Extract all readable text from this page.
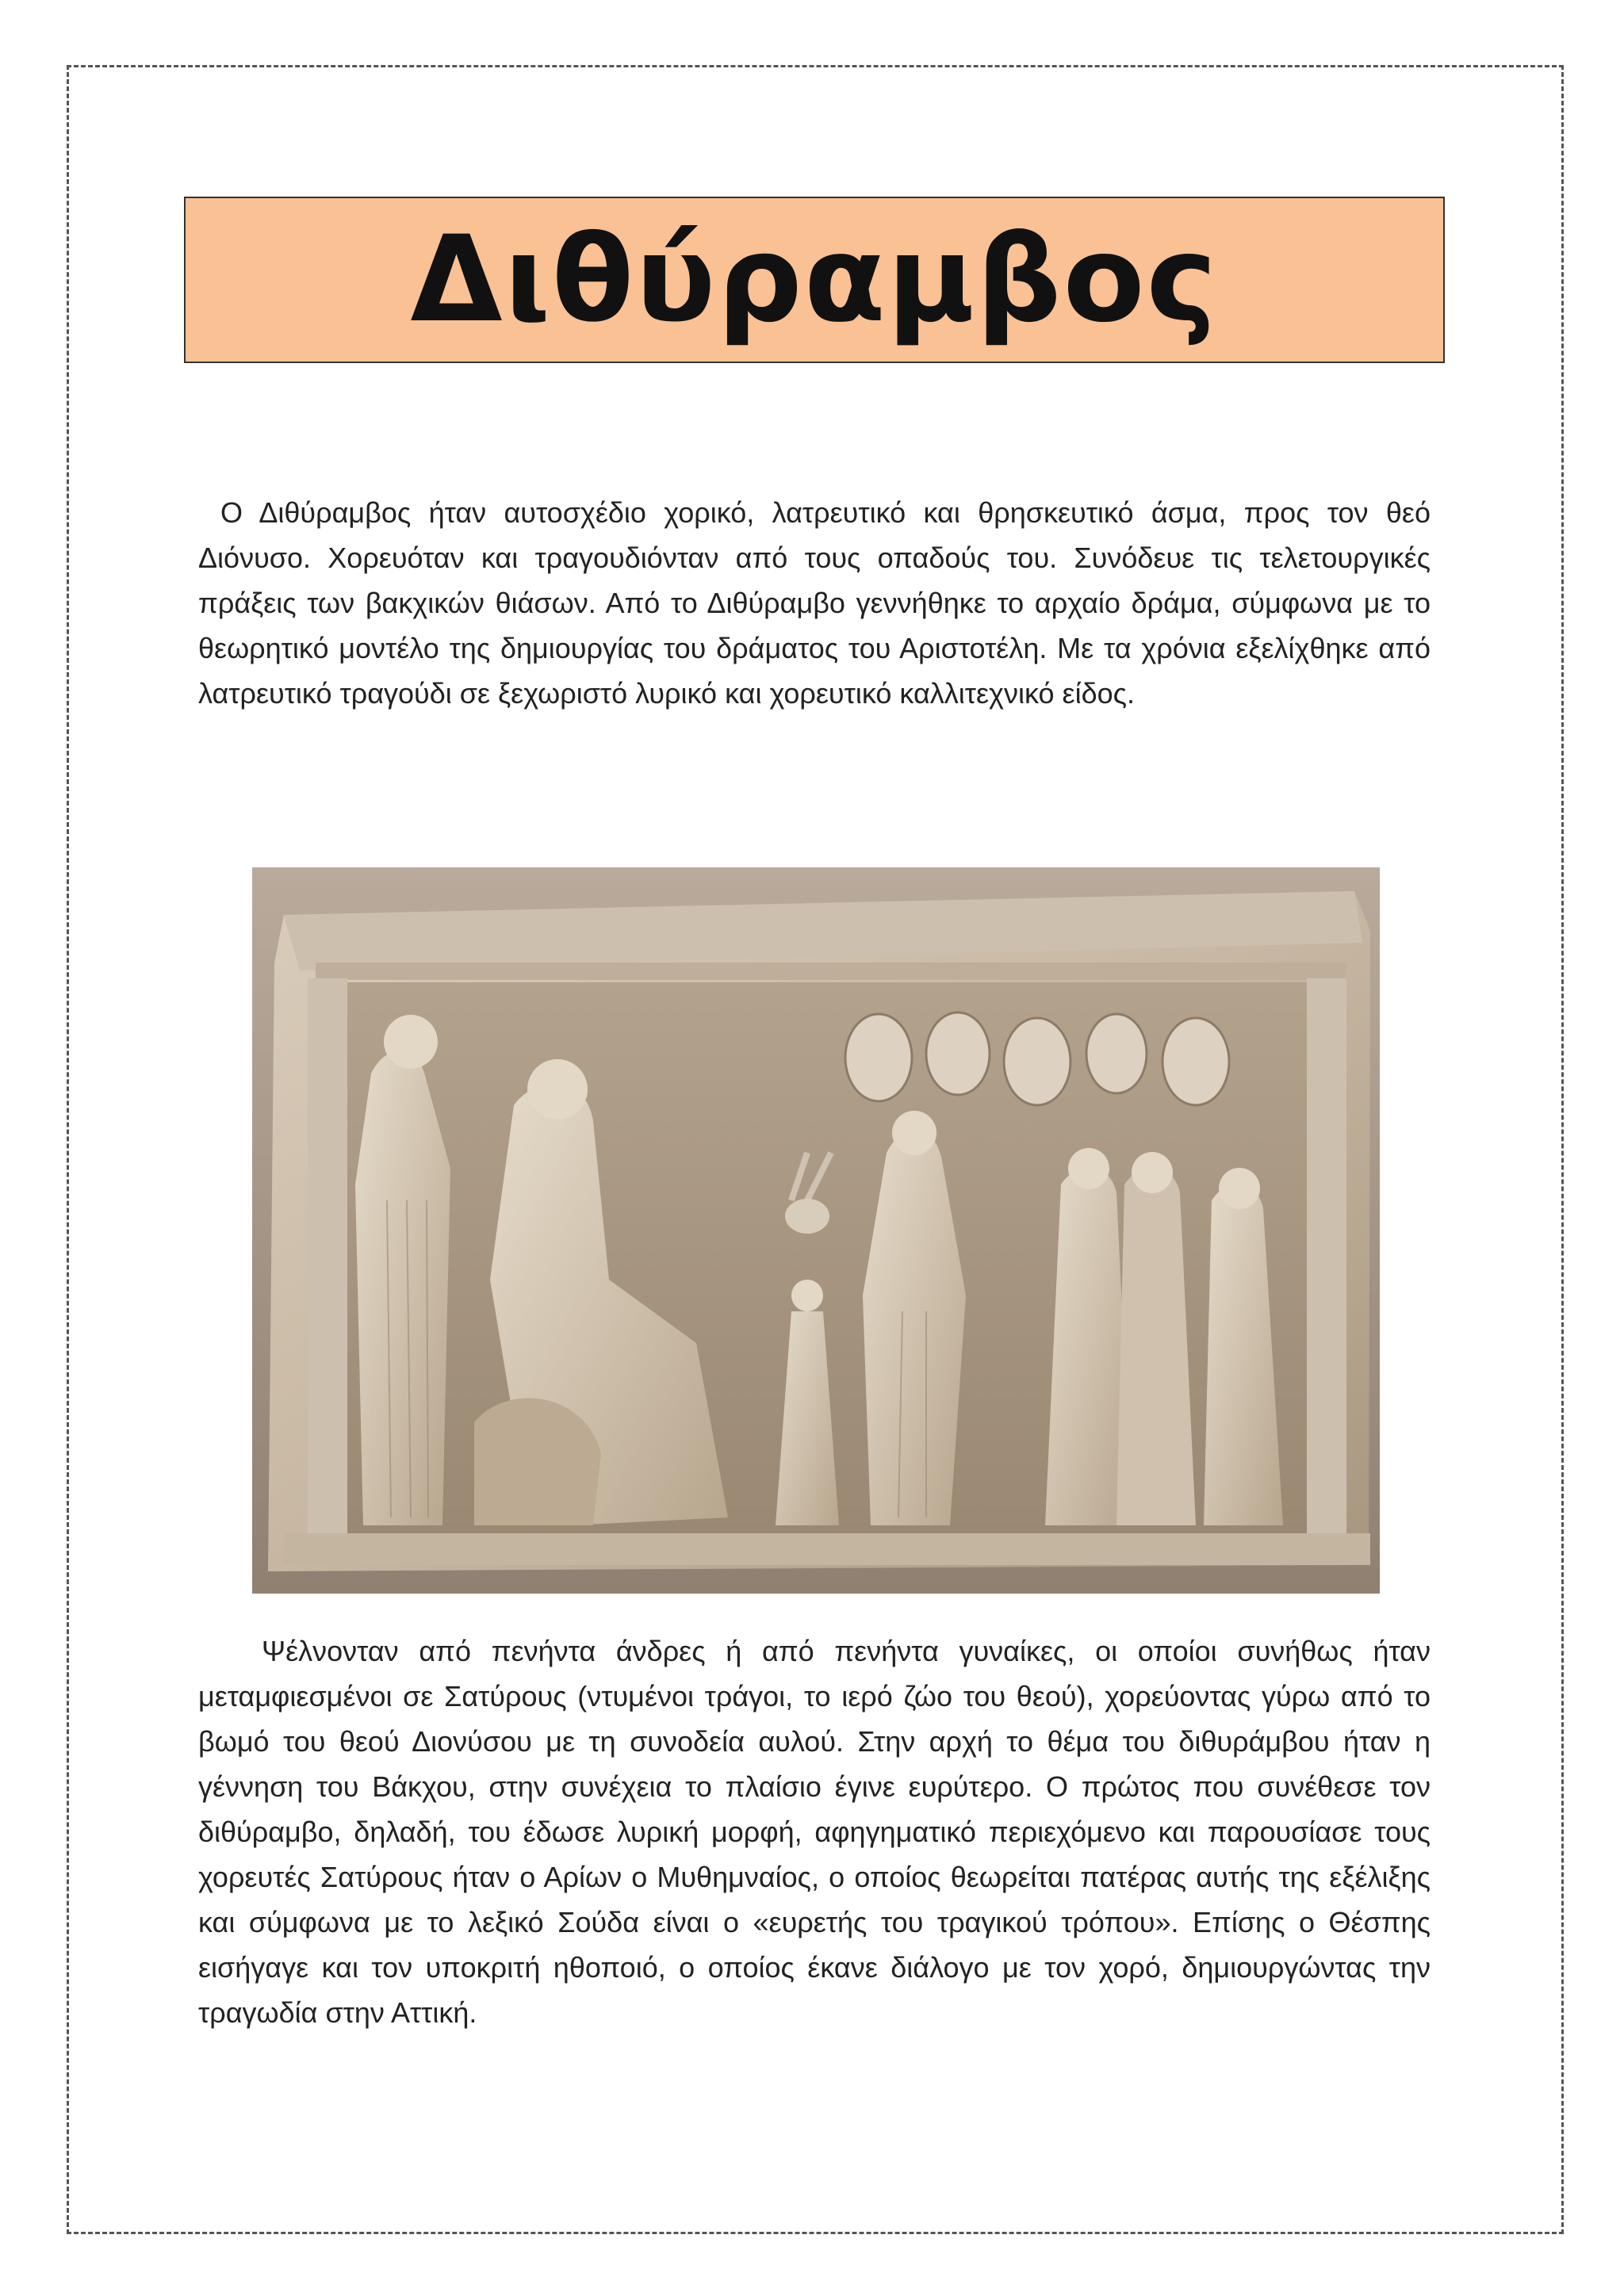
Διθύραμβος

Ο Διθύραμβος ήταν αυτοσχέδιο χορικό, λατρευτικό και θρησκευτικό άσμα, προς τον θεό Διόνυσο. Χορευόταν και τραγουδιόνταν από τους οπαδούς του. Συνόδευε τις τελετουργικές πράξεις των βακχικών θιάσων. Από το Διθύραμβο γεννήθηκε το αρχαίο δράμα, σύμφωνα με το θεωρητικό μοντέλο της δημιουργίας του δράματος του Αριστοτέλη. Με τα χρόνια εξελίχθηκε από λατρευτικό τραγούδι σε ξεχωριστό λυρικό και χορευτικό καλλιτεχνικό είδος.

Ψέλνονταν από πενήντα άνδρες ή από πενήντα γυναίκες, οι οποίοι συνήθως ήταν μεταμφιεσμένοι σε Σατύρους (ντυμένοι τράγοι, το ιερό ζώο του θεού), χορεύοντας γύρω από το βωμό του θεού Διονύσου με τη συνοδεία αυλού. Στην αρχή το θέμα του διθυράμβου ήταν η γέννηση του Βάκχου, στην συνέχεια το πλαίσιο έγινε ευρύτερο. Ο πρώτος που συνέθεσε τον διθύραμβο, δηλαδή, του έδωσε λυρική μορφή, αφηγηματικό περιεχόμενο και παρουσίασε τους χορευτές Σατύρους ήταν ο Αρίων ο Μυθημναίος, ο οποίος θεωρείται πατέρας αυτής της εξέλιξης και σύμφωνα με το λεξικό Σούδα είναι ο «ευρετής του τραγικού τρόπου». Επίσης ο Θέσπης εισήγαγε και τον υποκριτή ηθοποιό, ο οποίος έκανε διάλογο με τον χορό, δημιουργώντας την τραγωδία στην Αττική.
